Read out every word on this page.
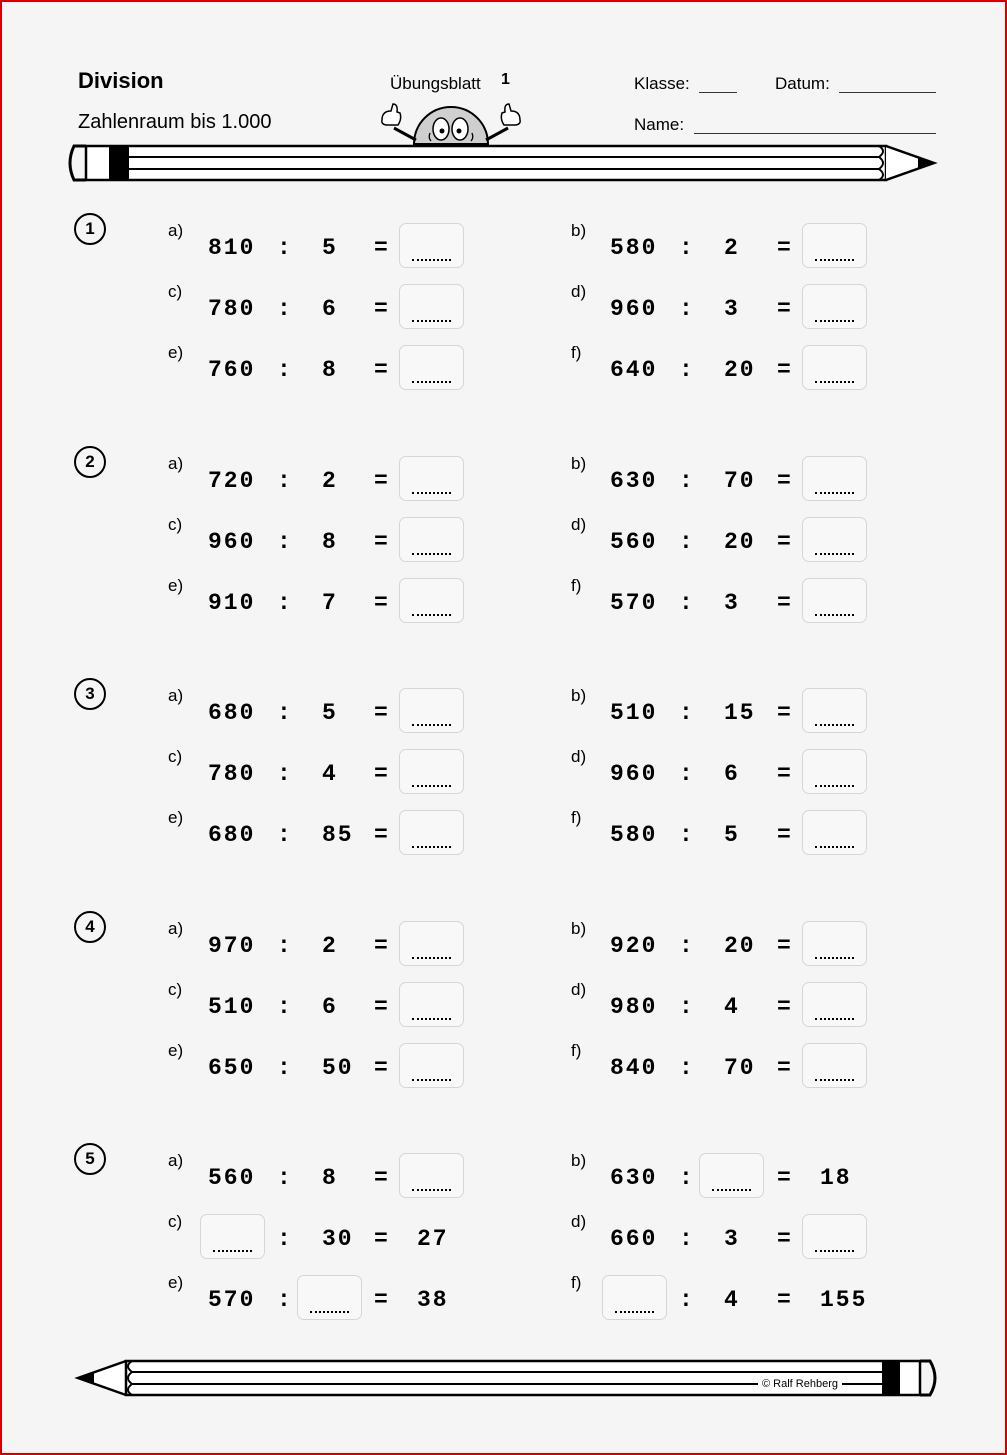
Division
Zahlenraum bis 1.000
Übungsblatt 1	Klasse:	Datum:
Name:
© Ralf Rehberg
1	a)
810 : 5 =
b)
580 : 2 =
c)
780 : 6 =
d)
960 : 3 =
e)
760 : 8 =
f)
640 : 20 =
2	a)
720 : 2 =
b)
630 : 70 =
c)
960 : 8 =
d)
560 : 20 =
e)
910 : 7 =
f)
570 : 3 =
3	a)
680 : 5 =
b)
510 : 15 =
c)
780 : 4 =
d)
960 : 6 =
e)
680 : 85 =
f)
580 : 5 =
4	a)
970 : 2 =
b)
920 : 20 =
c)
510 : 6 =
d)
980 : 4 =
e)
650 : 50 =
f)
840 : 70 =
5	a)
560 : 8 =
b)
630 :	= 18
c)
: 30 = 27
d)
660 : 3 =
e)
570 :	= 38
f)
: 4 = 155
